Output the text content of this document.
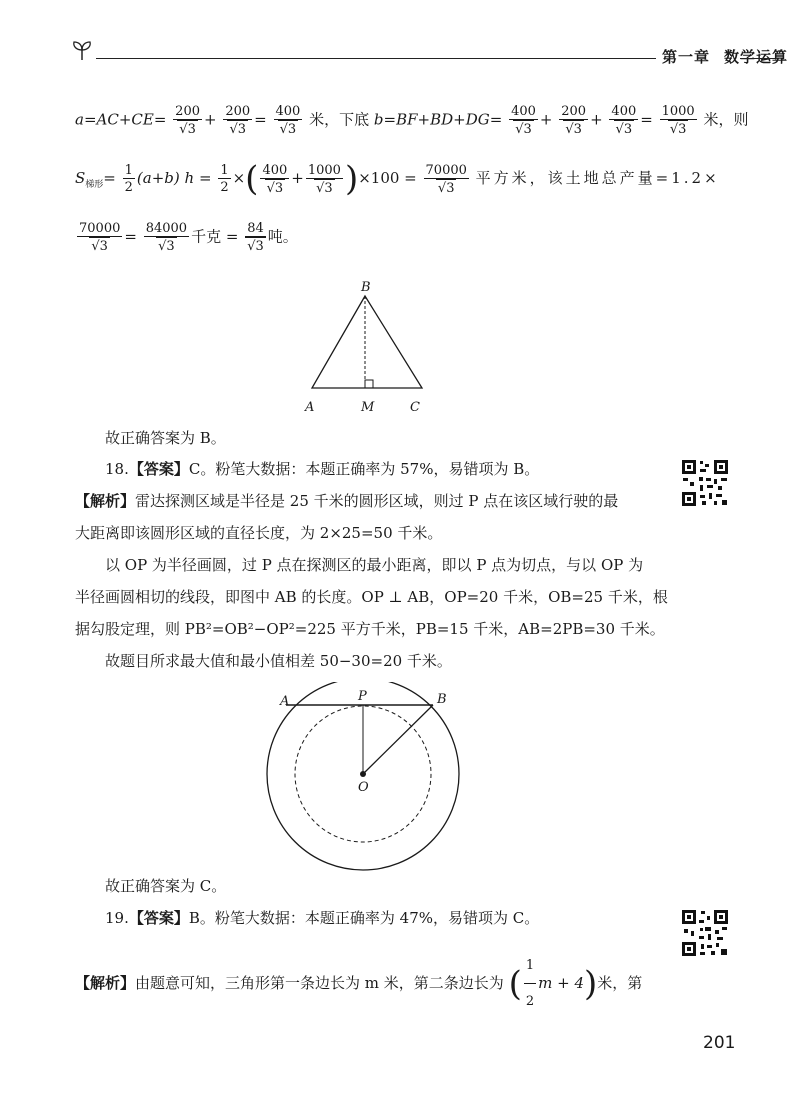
第一章 数学运算
$a=AC+CE= \frac{200}{√3} + \frac{200}{√3} = \frac{400}{√3}$ 米，下底 $b=BF+BD+DG= \frac{400}{√3} + \frac{200}{√3} + \frac{400}{√3} = \frac{1000}{√3}$ 米，则
$S_{梯形}= \frac{1}{2} (a+b) h = \frac{1}{2}$ ×( $\frac{400}{√3} + \frac{1000}{√3} )\times 100 = \frac{70000}{√3}$ 平方米，该土地总产量=1.2×
$\frac{70000}{√3} = \frac{84000}{√3}$ 千克 = $\frac{84}{√3}$ 吨。
B
A	M	C
故正确答案为 B。
18.【答案】C。粉笔大数据：本题正确率为 57%，易错项为 B。
【解析】雷达探测区域是半径是 25 千米的圆形区域，则过 P 点在该区域行驶的最
大距离即该圆形区域的直径长度，为 2×25=50 千米。
以 OP 为半径画圆，过 P 点在探测区的最小距离，即以 P 点为切点，与以 OP 为
半径画圆相切的线段，即图中 AB 的长度。OP ⊥ AB，OP=20 千米，OB=25 千米，根
据勾股定理，则 PB²=OB²−OP²=225 平方千米，PB=15 千米，AB=2PB=30 千米。
故题目所求最大值和最小值相差 50−30=20 千米。
A	P	B
O
故正确答案为 C。
19.【答案】B。粉笔大数据：本题正确率为 47%，易错项为 C。
【解析】由题意可知，三角形第一条边长为 m 米，第二条边长为 ( $\frac{1}{2}$ m + 4)米，第
201
